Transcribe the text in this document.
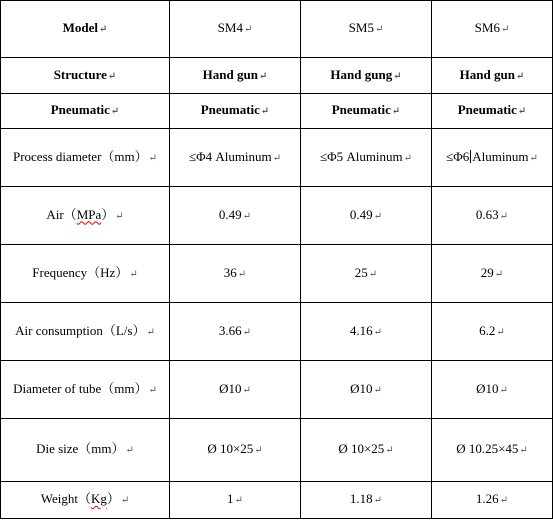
Model↵	SM4↵	SM5↵	SM6↵
Structure↵	Hand gun↵	Hand gung↵	Hand gun↵
Pneumatic↵	Pneumatic↵	Pneumatic↵	Pneumatic↵
Process diameter（mm）↵	≤Φ4 Aluminum↵	≤Φ5 Aluminum↵	≤Φ6 Aluminum↵
Air（MPa）↵	0.49↵	0.49↵	0.63↵
Frequency（Hz）↵	36↵	25↵	29↵
Air consumption（L/s）↵	3.66↵	4.16↵	6.2↵
Diameter of tube（mm）↵	Ø10↵	Ø10↵	Ø10↵
Die size（mm）↵	Ø 10×25↵	Ø 10×25↵	Ø 10.25×45↵
Weight（Kg）↵	1↵	1.18↵	1.26↵
